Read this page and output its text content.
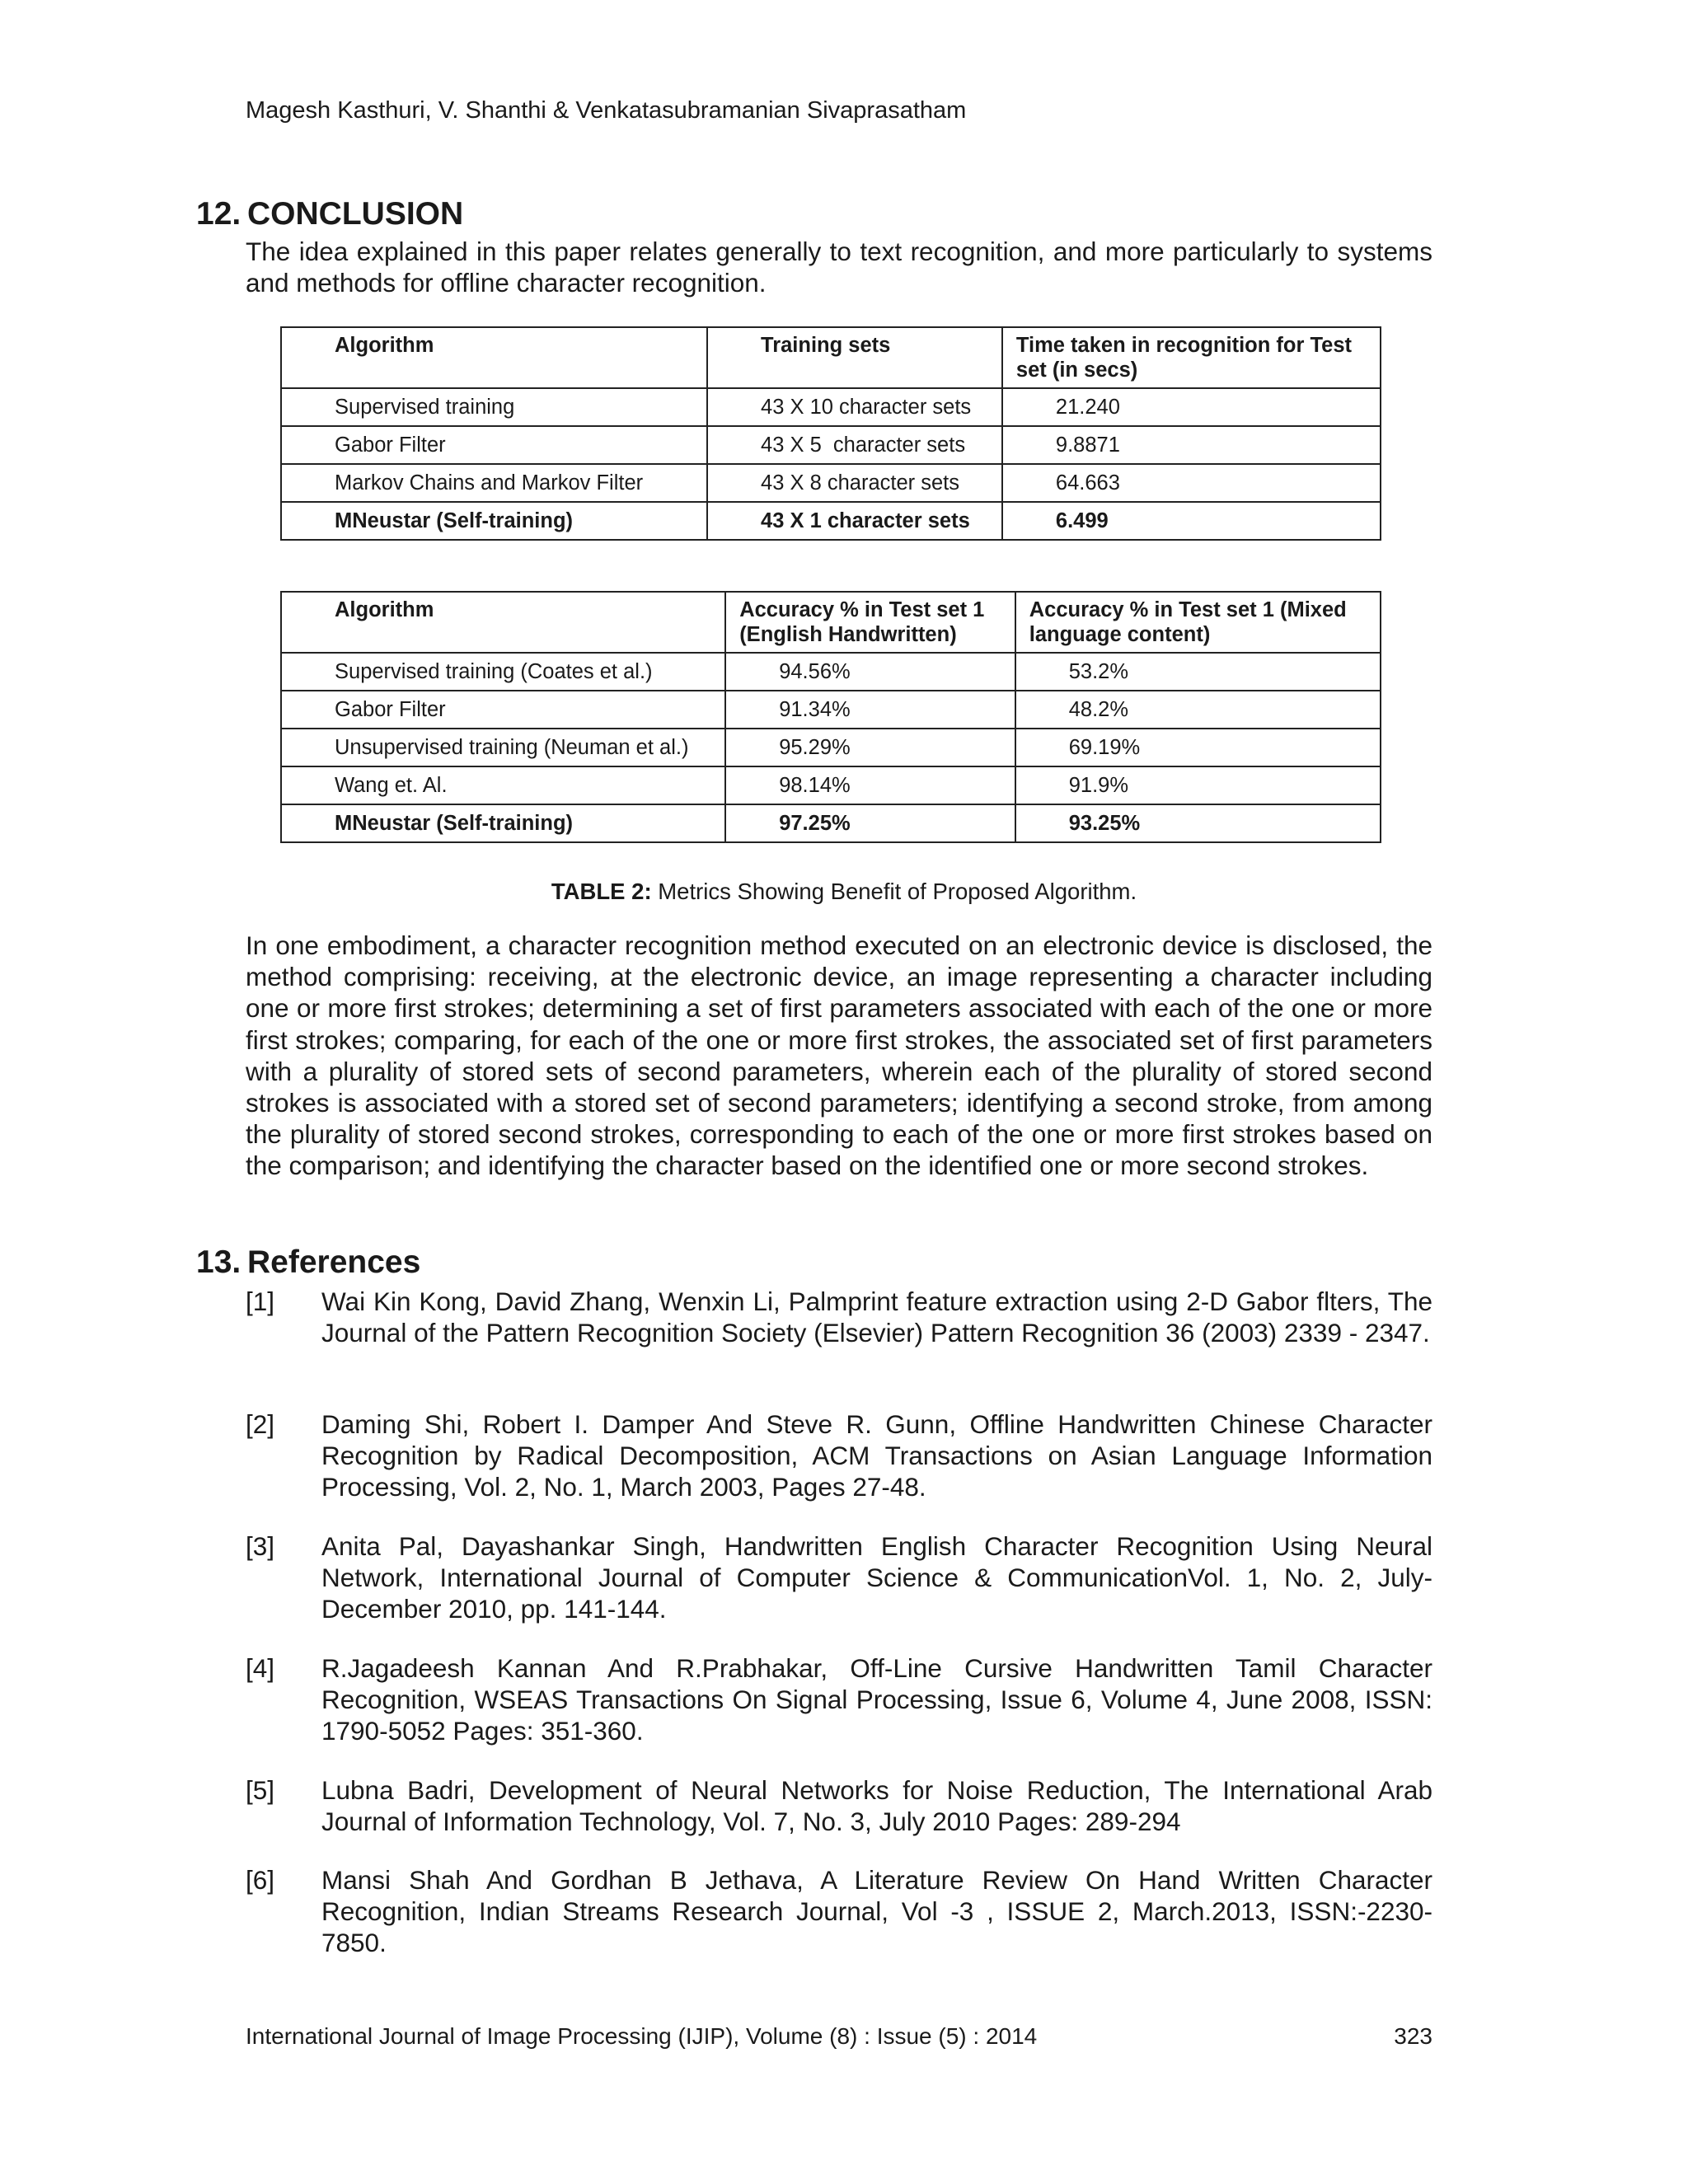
Magesh Kasthuri, V. Shanthi & Venkatasubramanian Sivaprasatham
12. CONCLUSION
The idea explained in this paper relates generally to text recognition, and more particularly to systems and methods for offline character recognition.
Algorithm	Training sets	Time taken in recognition for Test set (in secs)
Supervised training	43 X 10 character sets	21.240
Gabor Filter	43 X 5  character sets	9.8871
Markov Chains and Markov Filter	43 X 8 character sets	64.663
MNeustar (Self-training)	43 X 1 character sets	6.499
Algorithm	Accuracy % in Test set 1 (English Handwritten)	Accuracy % in Test set 1 (Mixed language content)
Supervised training (Coates et al.)	94.56%	53.2%
Gabor Filter	91.34%	48.2%
Unsupervised training (Neuman et al.)	95.29%	69.19%
Wang et. Al.	98.14%	91.9%
MNeustar (Self-training)	97.25%	93.25%
TABLE 2: Metrics Showing Benefit of Proposed Algorithm.
In one embodiment, a character recognition method executed on an electronic device is disclosed, the method comprising: receiving, at the electronic device, an image representing a character including one or more first strokes; determining a set of first parameters associated with each of the one or more first strokes; comparing, for each of the one or more first strokes, the associated set of first parameters with a plurality of stored sets of second parameters, wherein each of the plurality of stored second strokes is associated with a stored set of second parameters; identifying a second stroke, from among the plurality of stored second strokes, corresponding to each of the one or more first strokes based on the comparison; and identifying the character based on the identified one or more second strokes.
13. References
[1] Wai Kin Kong, David Zhang, Wenxin Li, Palmprint feature extraction using 2-D Gabor flters, The Journal of the Pattern Recognition Society (Elsevier) Pattern Recognition 36 (2003) 2339 - 2347.
[2] Daming Shi, Robert I. Damper And Steve R. Gunn, Offline Handwritten Chinese Character Recognition by Radical Decomposition, ACM Transactions on Asian Language Information Processing, Vol. 2, No. 1, March 2003, Pages 27-48.
[3] Anita Pal, Dayashankar Singh, Handwritten English Character Recognition Using Neural Network, International Journal of Computer Science & CommunicationVol. 1, No. 2, July-December 2010, pp. 141-144.
[4] R.Jagadeesh Kannan And R.Prabhakar, Off-Line Cursive Handwritten Tamil Character Recognition, WSEAS Transactions On Signal Processing, Issue 6, Volume 4, June 2008, ISSN: 1790-5052 Pages: 351-360.
[5] Lubna Badri, Development of Neural Networks for Noise Reduction, The International Arab Journal of Information Technology, Vol. 7, No. 3, July 2010 Pages: 289-294
[6] Mansi Shah And Gordhan B Jethava, A Literature Review On Hand Written Character Recognition, Indian Streams Research Journal, Vol -3 , ISSUE 2, March.2013, ISSN:-2230-7850.
International Journal of Image Processing (IJIP), Volume (8) : Issue (5) : 2014	323
